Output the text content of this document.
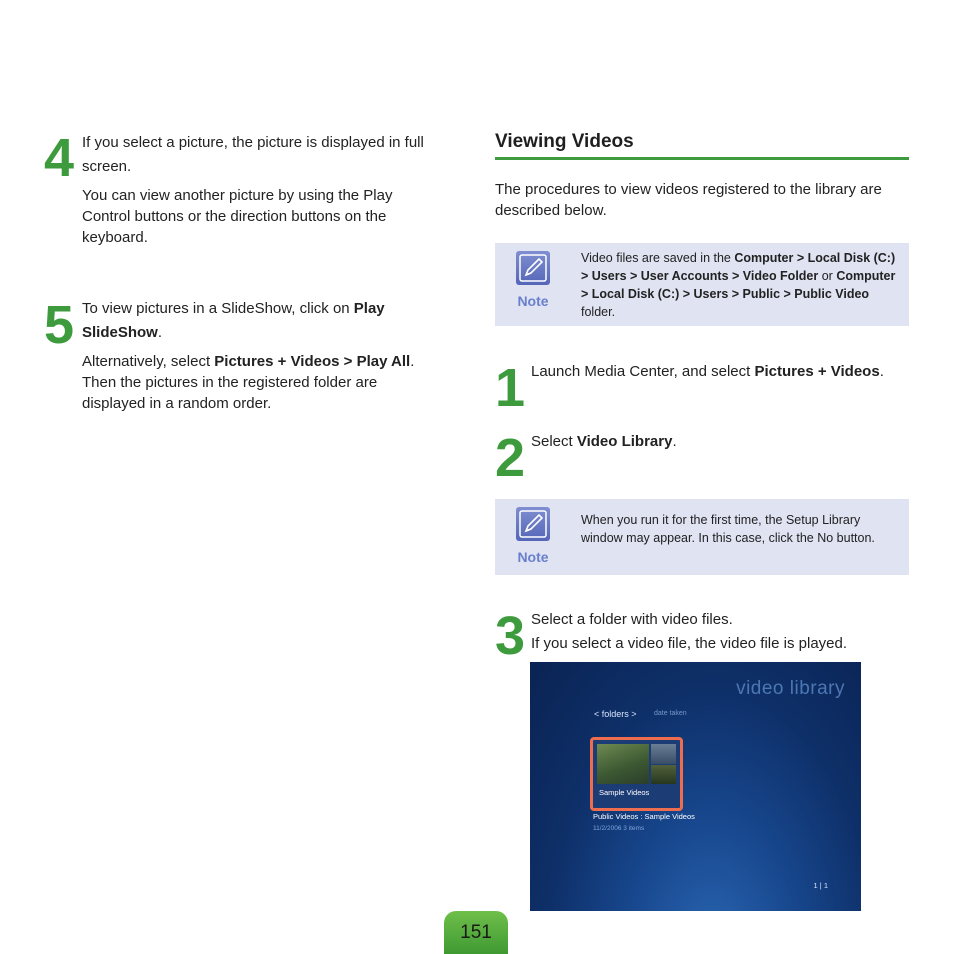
4 If you select a picture, the picture is displayed in full screen.
You can view another picture by using the Play Control buttons or the direction buttons on the keyboard.
5 To view pictures in a SlideShow, click on Play SlideShow.
Alternatively, select Pictures + Videos > Play All. Then the pictures in the registered folder are displayed in a random order.
Viewing Videos
The procedures to view videos registered to the library are described below.
Note
Video files are saved in the Computer > Local Disk (C:) > Users > User Accounts > Video Folder or Computer > Local Disk (C:) > Users > Public > Public Video folder.
1 Launch Media Center, and select Pictures + Videos.
2 Select Video Library.
Note
When you run it for the first time, the Setup Library window may appear. In this case, click the No button.
3 Select a folder with video files.
If you select a video file, the video file is played.
video library
< folders > date taken
Sample Videos
Public Videos : Sample Videos
11/2/2006 3 items
1 | 1
151
